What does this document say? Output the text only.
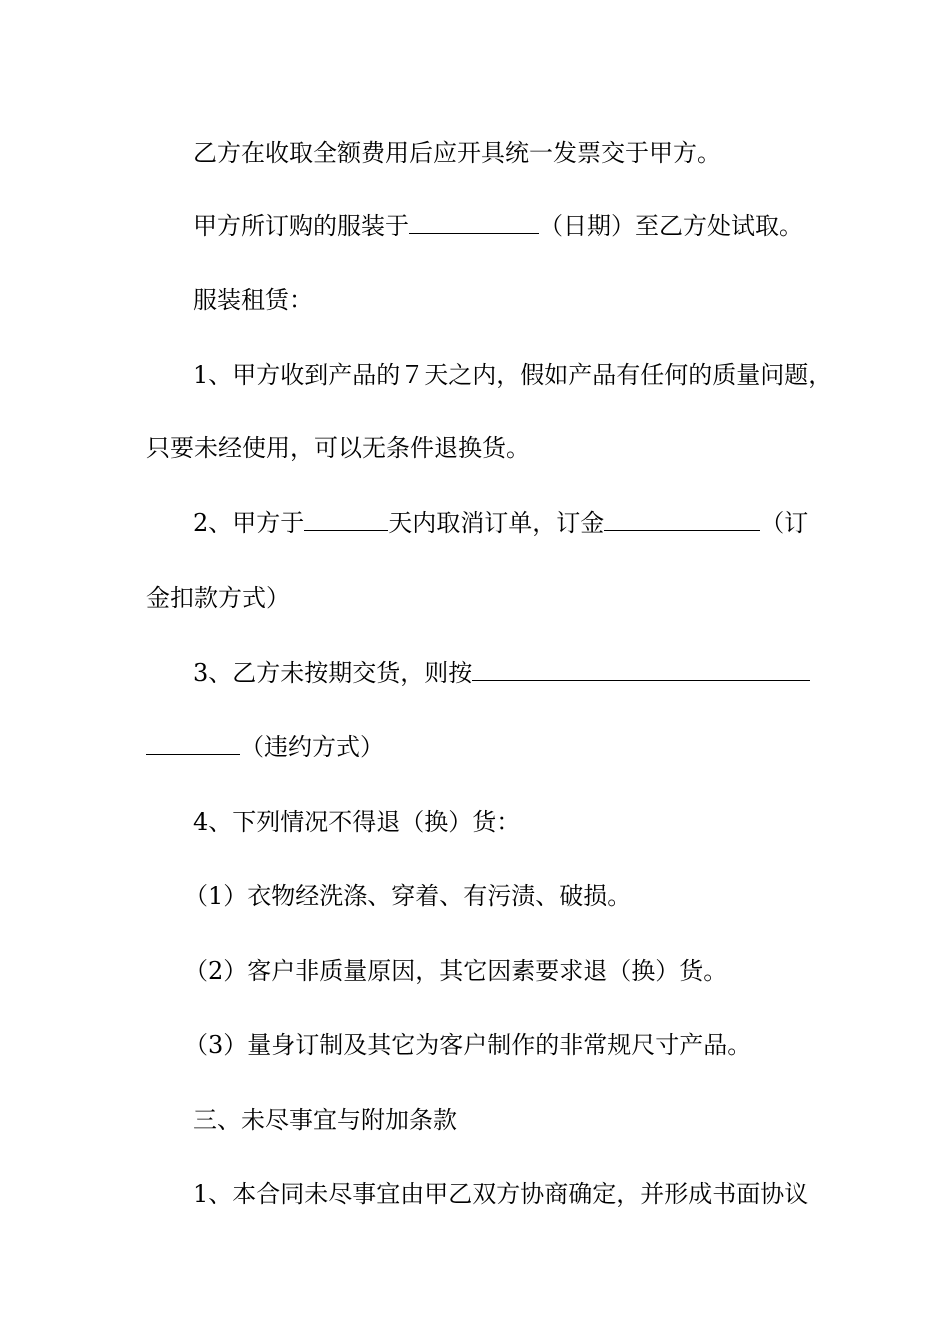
乙方在收取全额费用后应开具统一发票交于甲方。
甲方所订购的服装于	（日期）至乙方处试取。
服装租赁：
1、甲方收到产品的７天之内，假如产品有任何的质量问题，
只要未经使用，可以无条件退换货。
2、甲方于	天内取消订单，订金	（订
金扣款方式）
3、乙方未按期交货，则按
（违约方式）
4、下列情况不得退（换）货：
（1）衣物经洗涤、穿着、有污渍、破损。
（2）客户非质量原因，其它因素要求退（换）货。
（3）量身订制及其它为客户制作的非常规尺寸产品。
三、未尽事宜与附加条款
1、本合同未尽事宜由甲乙双方协商确定，并形成书面协议
